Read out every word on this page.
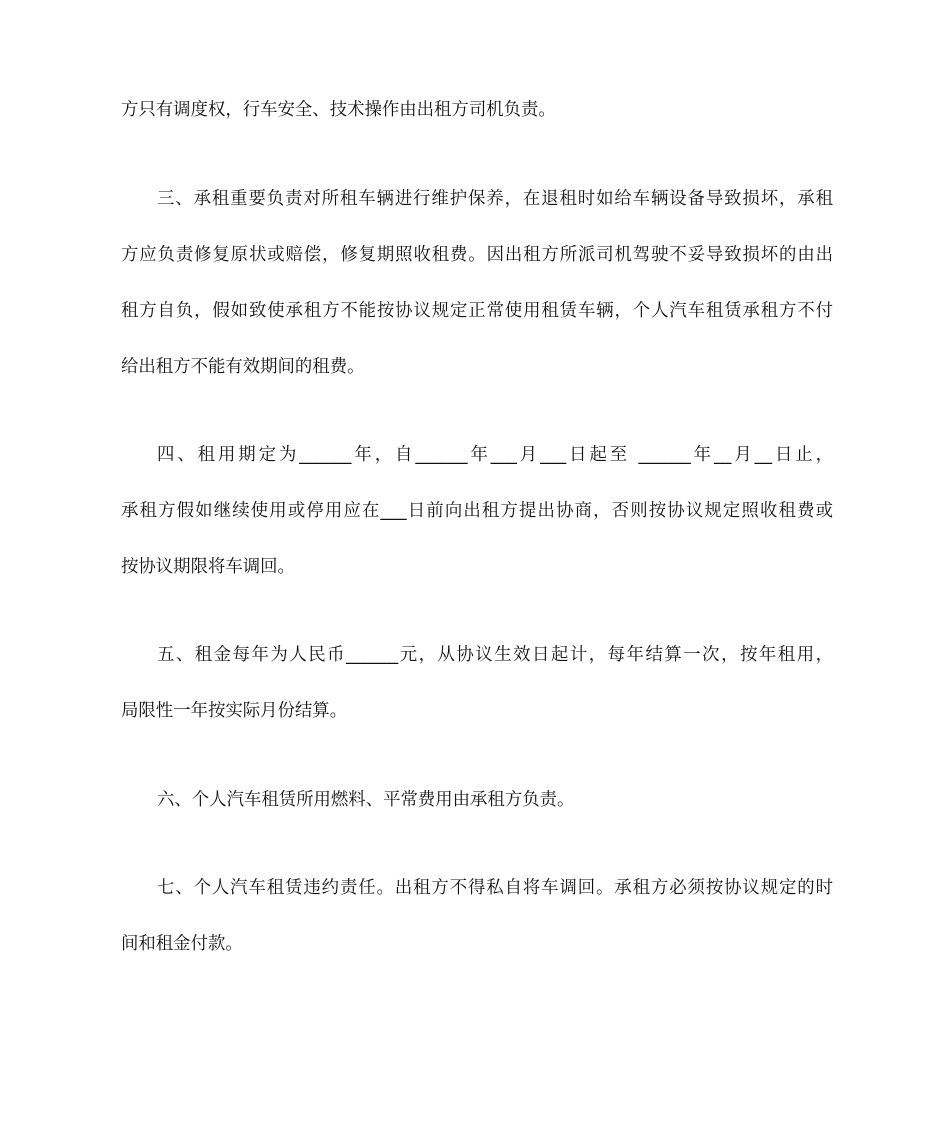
方只有调度权，行车安全、技术操作由出租方司机负责。
三、承租重要负责对所租车辆进行维护保养，在退租时如给车辆设备导致损坏，承租
方应负责修复原状或赔偿，修复期照收租费。因出租方所派司机驾驶不妥导致损坏的由出
租方自负，假如致使承租方不能按协议规定正常使用租赁车辆，个人汽车租赁承租方不付
给出租方不能有效期间的租费。
四、租用期定为______年，自______年___月___日起至 ______年__月__日止，
承租方假如继续使用或停用应在___日前向出租方提出协商，否则按协议规定照收租费或
按协议期限将车调回。
五、租金每年为人民币______元，从协议生效日起计，每年结算一次，按年租用，
局限性一年按实际月份结算。
六、个人汽车租赁所用燃料、平常费用由承租方负责。
七、个人汽车租赁违约责任。出租方不得私自将车调回。承租方必须按协议规定的时
间和租金付款。
